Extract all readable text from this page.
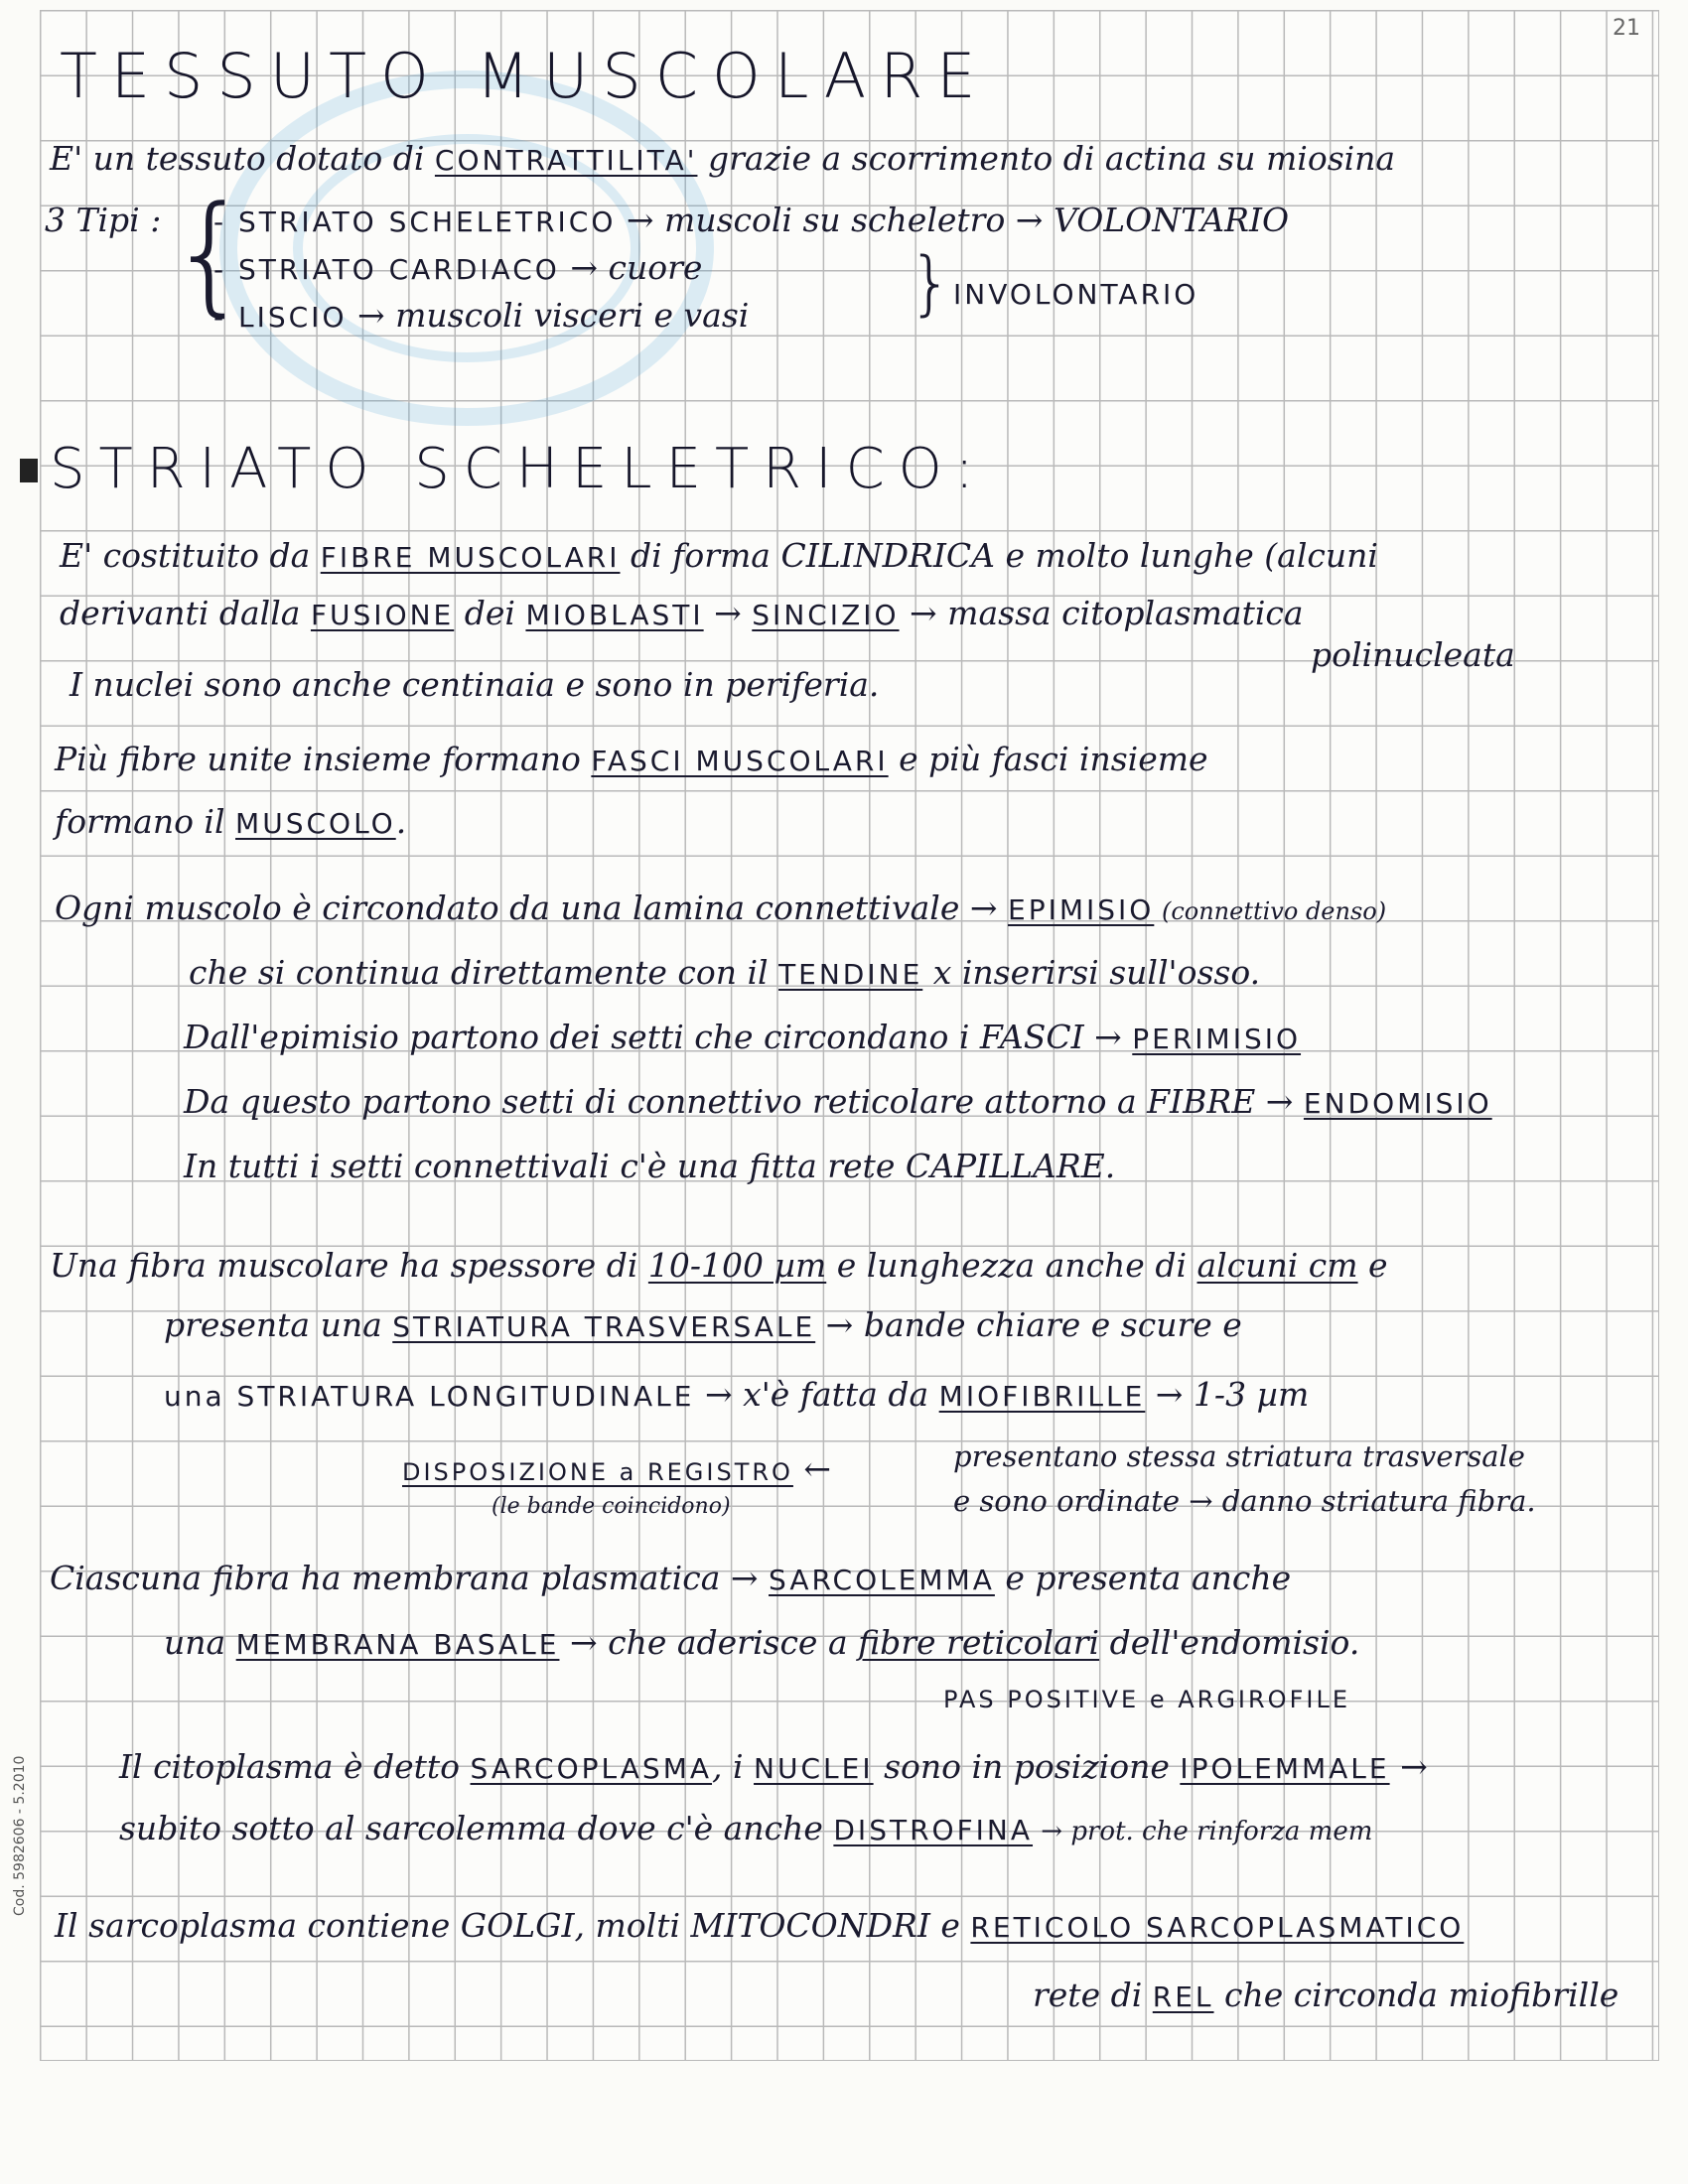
21
Cod. 5982606 - 5.2010
TESSUTO MUSCOLARE
E' un tessuto dotato di CONTRATTILITA' grazie a scorrimento di actina su miosina
3 Tipi : {
- STRIATO SCHELETRICO → muscoli su scheletro → VOLONTARIO
- STRIATO CARDIACO → cuore
- LISCIO → muscoli visceri e vasi } INVOLONTARIO
STRIATO SCHELETRICO:
E' costituito da FIBRE MUSCOLARI di forma CILINDRICA e molto lunghe (alcuni
derivanti dalla FUSIONE dei MIOBLASTI → SINCIZIO → massa citoplasmatica
polinucleata
I nuclei sono anche centinaia e sono in periferia.
Più fibre unite insieme formano FASCI MUSCOLARI e più fasci insieme
formano il MUSCOLO.
Ogni muscolo è circondato da una lamina connettivale → EPIMISIO (connettivo denso)
che si continua direttamente con il TENDINE x inserirsi sull'osso.
Dall'epimisio partono dei setti che circondano i FASCI → PERIMISIO
Da questo partono setti di connettivo reticolare attorno a FIBRE → ENDOMISIO
In tutti i setti connettivali c'è una fitta rete CAPILLARE.
Una fibra muscolare ha spessore di 10-100 µm e lunghezza anche di alcuni cm e
presenta una STRIATURA TRASVERSALE → bande chiare e scure e
una STRIATURA LONGITUDINALE → x'è fatta da MIOFIBRILLE → 1-3 µm
DISPOSIZIONE a REGISTRO ←	presentano stessa striatura trasversale
(le bande coincidono)	e sono ordinate → danno striatura fibra.
Ciascuna fibra ha membrana plasmatica → SARCOLEMMA e presenta anche
una MEMBRANA BASALE → che aderisce a fibre reticolari dell'endomisio.
PAS POSITIVE e ARGIROFILE
Il citoplasma è detto SARCOPLASMA, i NUCLEI sono in posizione IPOLEMMALE →
subito sotto al sarcolemma dove c'è anche DISTROFINA → prot. che rinforza mem
Il sarcoplasma contiene GOLGI, molti MITOCONDRI e RETICOLO SARCOPLASMATICO
rete di REL che circonda miofibrille
